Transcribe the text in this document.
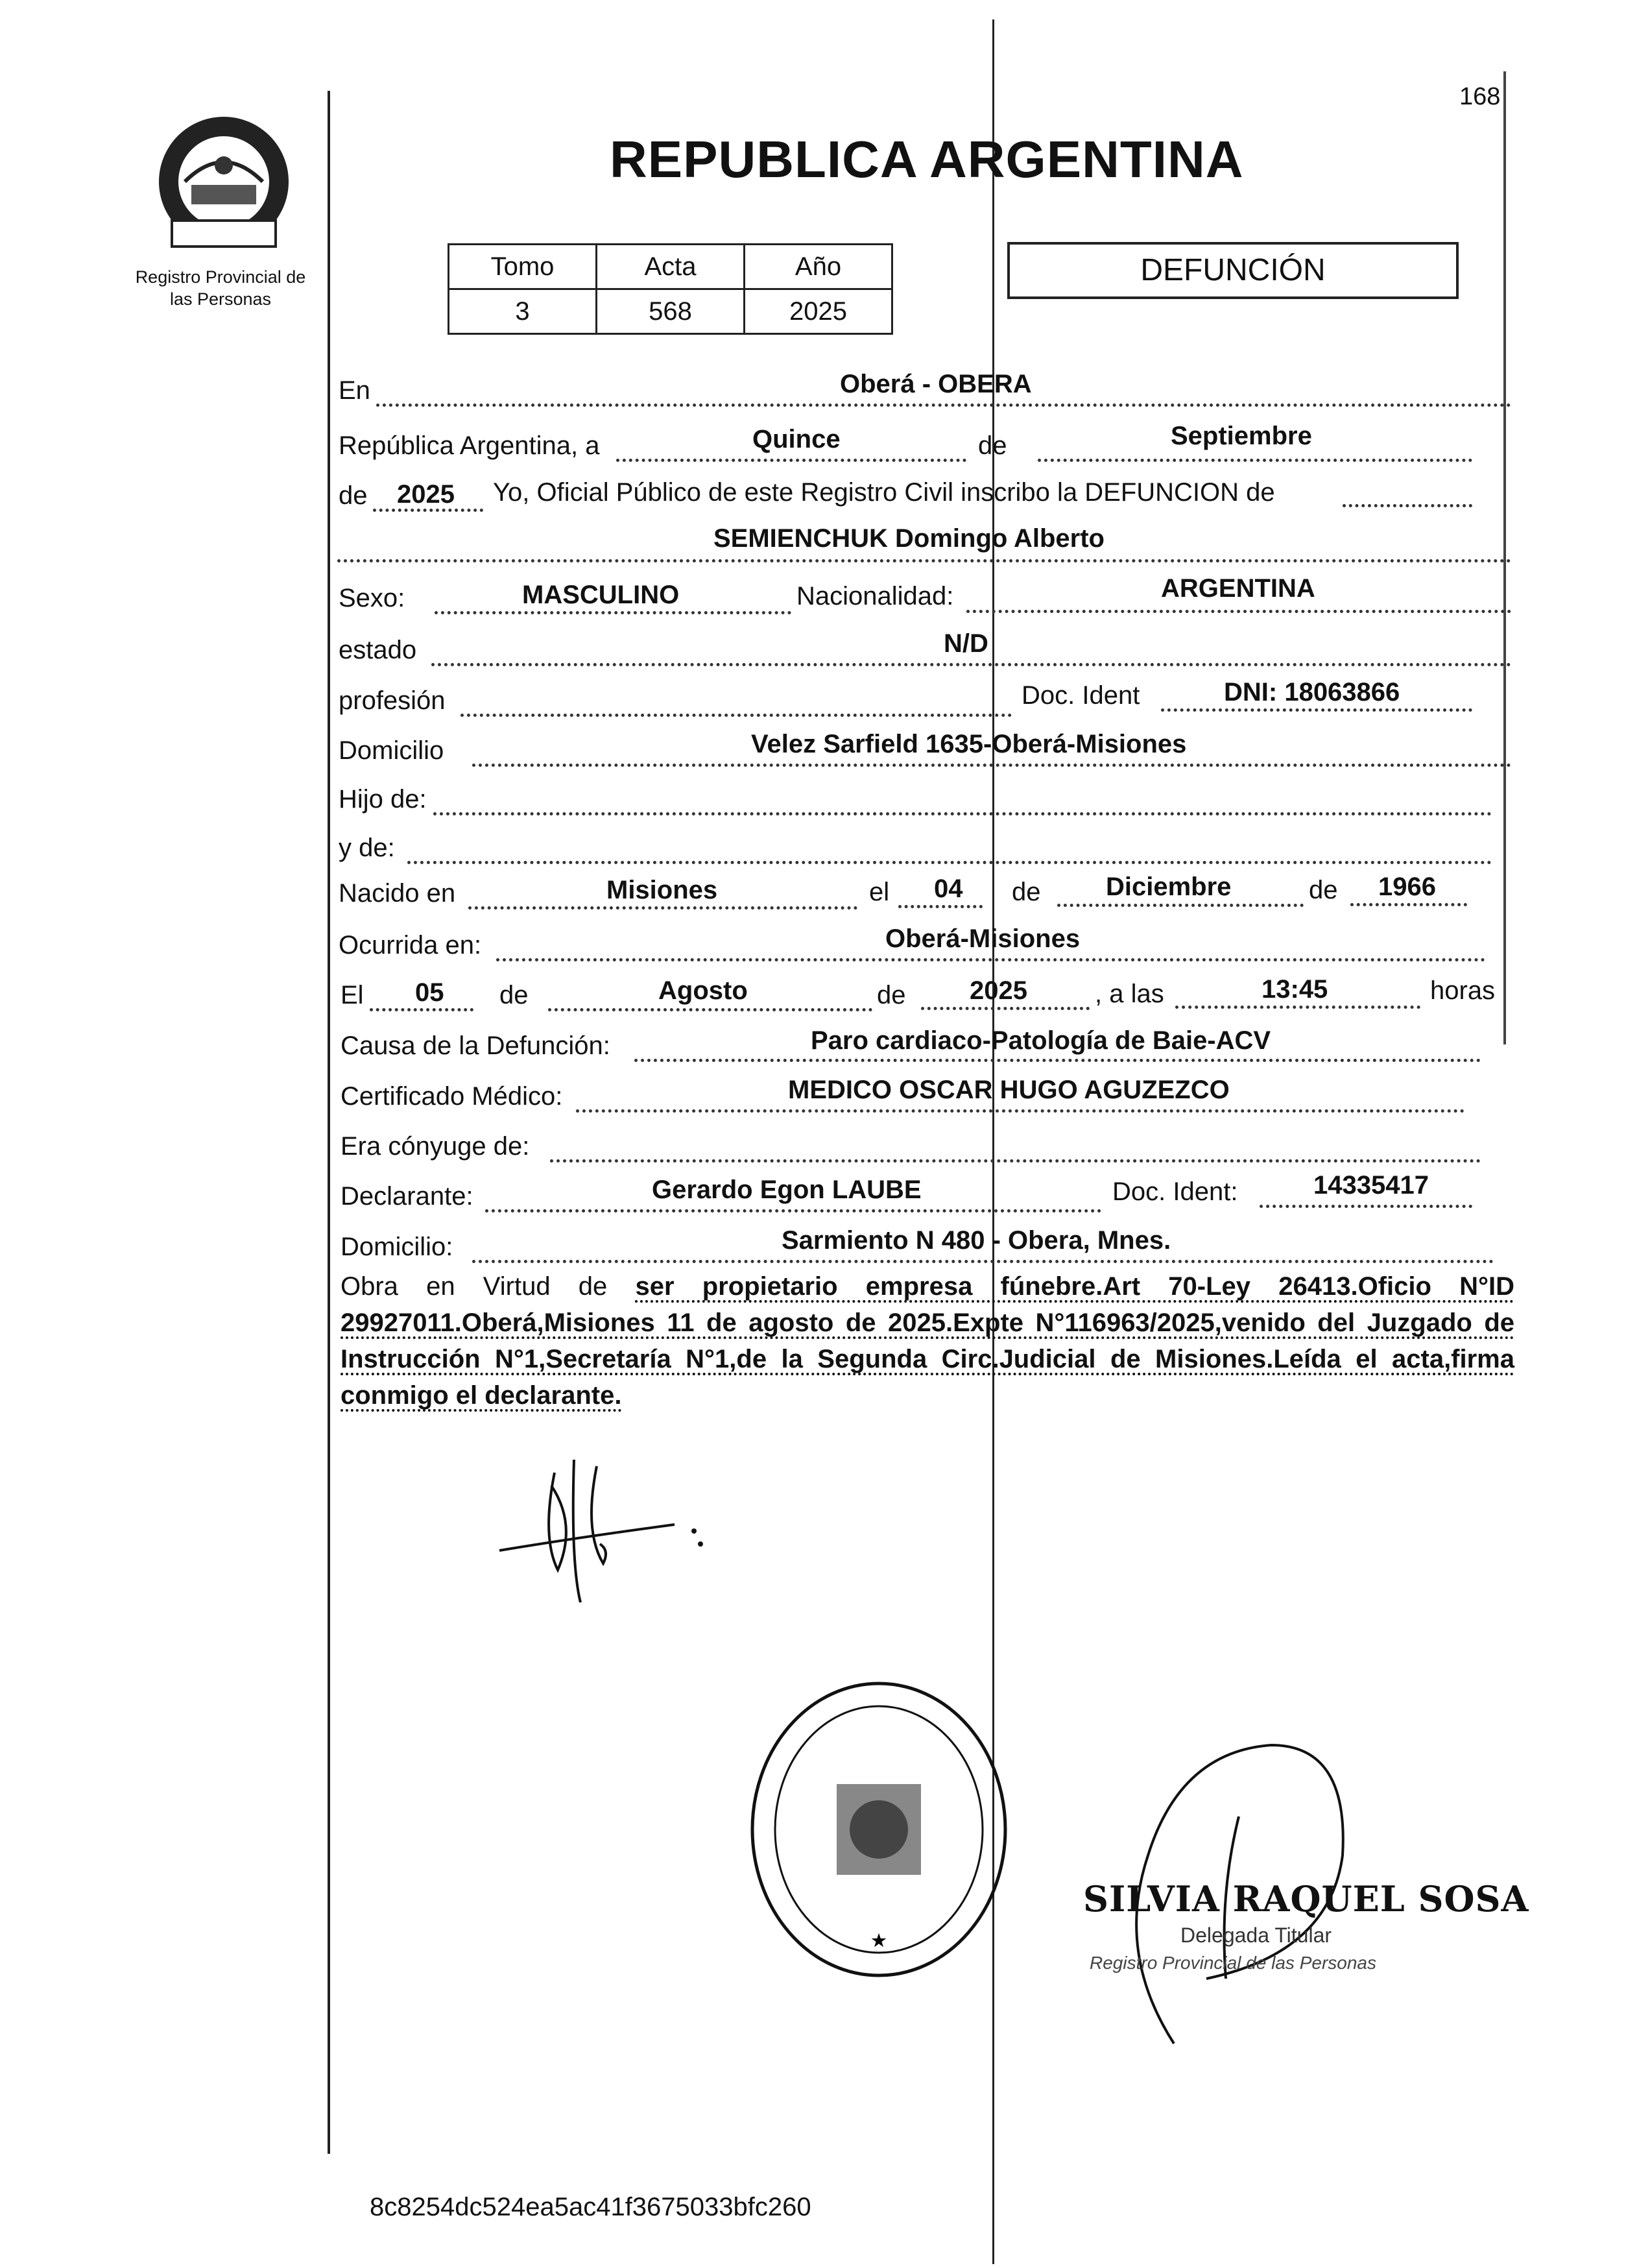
168
Registro Provincial de
las Personas
REPUBLICA ARGENTINA
Tomo	Acta	Año
3	568	2025
DEFUNCIÓN
En	Oberá - OBERA
República Argentina, a	Quince	de	Septiembre
de 2025 Yo, Oficial Público de este Registro Civil inscribo la DEFUNCION de
SEMIENCHUK Domingo Alberto
Sexo:	MASCULINO	Nacionalidad:	ARGENTINA
estado	N/D
profesión	Doc. Ident	DNI: 18063866
Domicilio	Velez Sarfield 1635-Oberá-Misiones
Hijo de:
y de:
Nacido en	Misiones	el 04 de	Diciembre	de 1966
Ocurrida en:	Oberá-Misiones
El 05 de	Agosto	de 2025	, a las	13:45	horas
Causa de la Defunción:	Paro cardiaco-Patología de Baie-ACV
Certificado Médico:	MEDICO OSCAR HUGO AGUZEZCO
Era cónyuge de:
Declarante:	Gerardo Egon LAUBE	Doc. Ident:	14335417
Domicilio:	Sarmiento N 480 - Obera, Mnes.
Obra en Virtud de ser propietario empresa fúnebre.Art 70-Ley 26413.Oficio N°ID 29927011.Oberá,Misiones 11 de agosto de 2025.Expte N°116963/2025,venido del Juzgado de Instrucción N°1,Secretaría N°1,de la Segunda Circ.Judicial de Misiones.Leída el acta,firma conmigo el declarante.
★
SILVIA RAQUEL SOSA
Delegada Titular
Registro Provincial de las Personas
8c8254dc524ea5ac41f3675033bfc260
